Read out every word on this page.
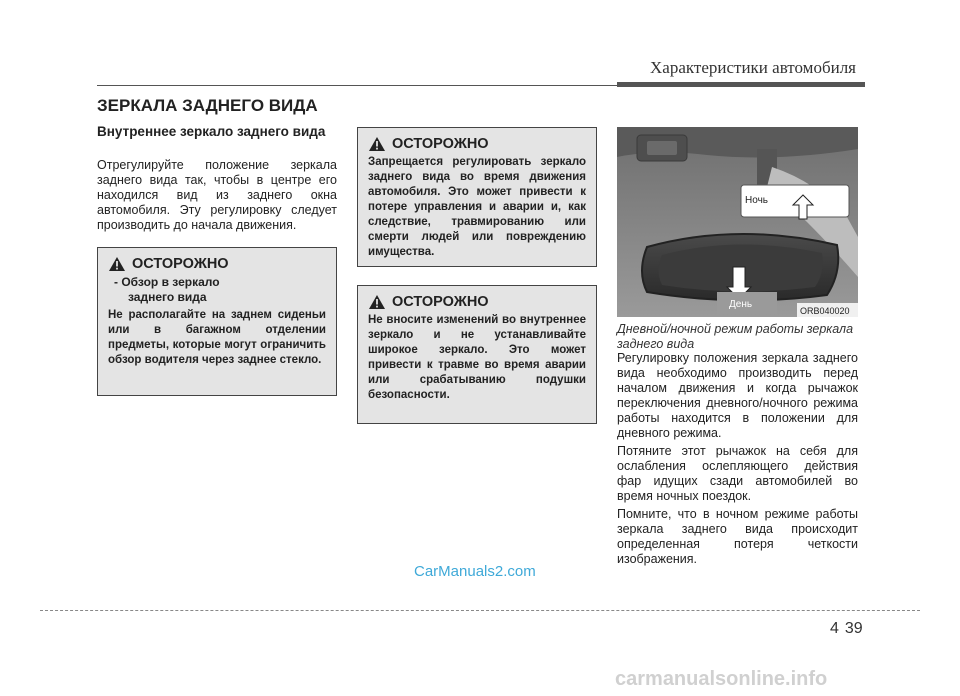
Характеристики автомобиля
ЗЕРКАЛА ЗАДНЕГО ВИДА
Внутреннее зеркало заднего вида

Отрегулируйте положение зеркала заднего вида так, чтобы в центре его находился вид из заднего окна автомобиля. Эту регулировку следует производить до начала движения.

ОСТОРОЖНО
- Обзор в зеркало
заднего вида
Не располагайте на заднем сиденьи или в багажном отделении предметы, которые могут ограничить обзор водителя через заднее стекло.
ОСТОРОЖНО
Запрещается регулировать зеркало заднего вида во время движения автомобиля. Это может привести к потере управления и аварии и, как следствие, травмированию или смерти людей или повреждению имущества.
ОСТОРОЖНО
Не вносите изменений во внутреннее зеркало и не устанавливайте широкое зеркало. Это может привести к травме во время аварии или срабатыванию подушки безопасности.
Ночь
День
ORB040020
Дневной/ночной режим работы зеркала заднего вида

Регулировку положения зеркала заднего вида необходимо производить перед началом движения и когда рычажок переключения дневного/ночного режима работы находится в положении для дневного режима.

Потяните этот рычажок на себя для ослабления ослепляющего действия фар идущих сзади автомобилей во время ночных поездок.

Помните, что в ночном режиме работы зеркала заднего вида происходит определенная потеря четкости изображения.

CarManuals2.com
4 39
carmanualsonline.info
